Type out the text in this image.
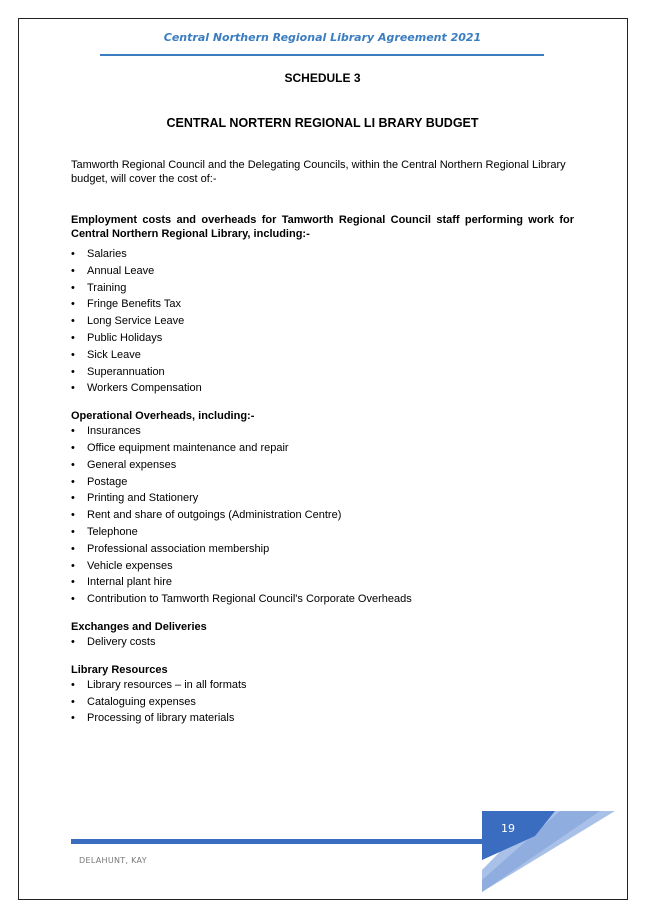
Central Northern Regional Library Agreement 2021
SCHEDULE 3
CENTRAL NORTERN REGIONAL LI BRARY BUDGET

Tamworth Regional Council and the Delegating Councils, within the Central Northern Regional Library budget, will cover the cost of:-

Employment costs and overheads for Tamworth Regional Council staff performing work for Central Northern Regional Library, including:-

• Salaries
• Annual Leave
• Training
• Fringe Benefits Tax
• Long Service Leave
• Public Holidays
• Sick Leave
• Superannuation
• Workers Compensation

Operational Overheads, including:-

• Insurances
• Office equipment maintenance and repair
• General expenses
• Postage
• Printing and Stationery
• Rent and share of outgoings (Administration Centre)
• Telephone
• Professional association membership
• Vehicle expenses
• Internal plant hire
• Contribution to Tamworth Regional Council's Corporate Overheads

Exchanges and Deliveries

• Delivery costs

Library Resources

• Library resources – in all formats
• Cataloguing expenses
• Processing of library materials
19
DELAHUNT, KAY
